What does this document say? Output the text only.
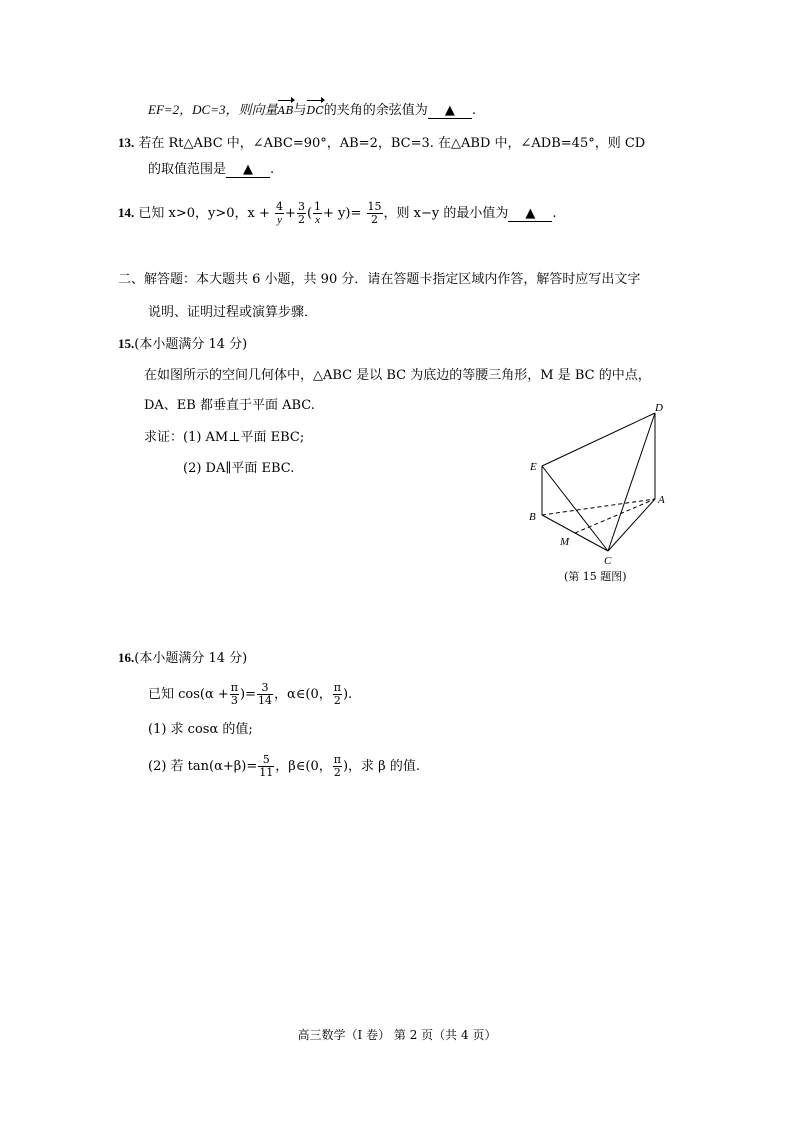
EF=2，DC=3，则向量AB与DC的夹角的余弦值为 ▲ .
13. 若在 Rt△ABC 中，∠ABC=90°，AB=2，BC=3. 在△ABD 中，∠ADB=45°，则 CD
的取值范围是 ▲ .
14. 已知 x>0，y>0，$x + \frac{4}{y} + \frac{3}{2}$ ( $\frac{1}{x} + y)= \frac{15}{2}$ ，则 x−y 的最小值为 ▲ .
二、解答题：本大题共 6 小题，共 90 分．请在答题卡指定区域内作答，解答时应写出文字
说明、证明过程或演算步骤．
15.(本小题满分 14 分)
在如图所示的空间几何体中，△ABC 是以 BC 为底边的等腰三角形，M 是 BC 的中点，
DA、EB 都垂直于平面 ABC.
求证：(1) AM⊥平面 EBC;
(2) DA∥平面 EBC.
D
E
A
B
M
C
(第 15 题图)
16.(本小题满分 14 分)
已知 $\cos(\alpha + \frac{\pi}{3}$ )= $\frac{3}{14}$ ，α∈(0， $\frac{\pi}{2}$ ).
(1) 求 cosα 的值;
(2) 若 $\tan(\alpha+\beta)= \frac{5}{11}$ ，β∈(0， $\frac{\pi}{2}$ )，求 β 的值.
高三数学（I 卷） 第 2 页（共 4 页）
